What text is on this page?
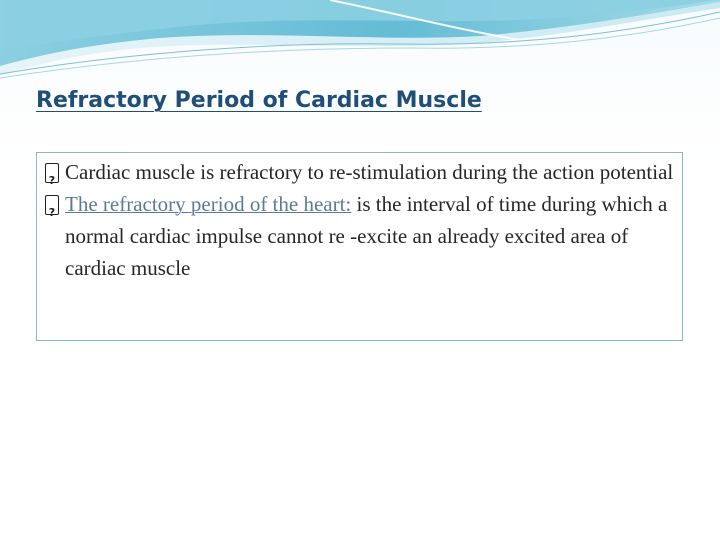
Refractory Period of Cardiac Muscle
?
Cardiac muscle is refractory to re-stimulation during the action potential
?
The refractory period of the heart: is the interval of time during which a normal cardiac impulse cannot re -excite an already excited area of cardiac muscle
